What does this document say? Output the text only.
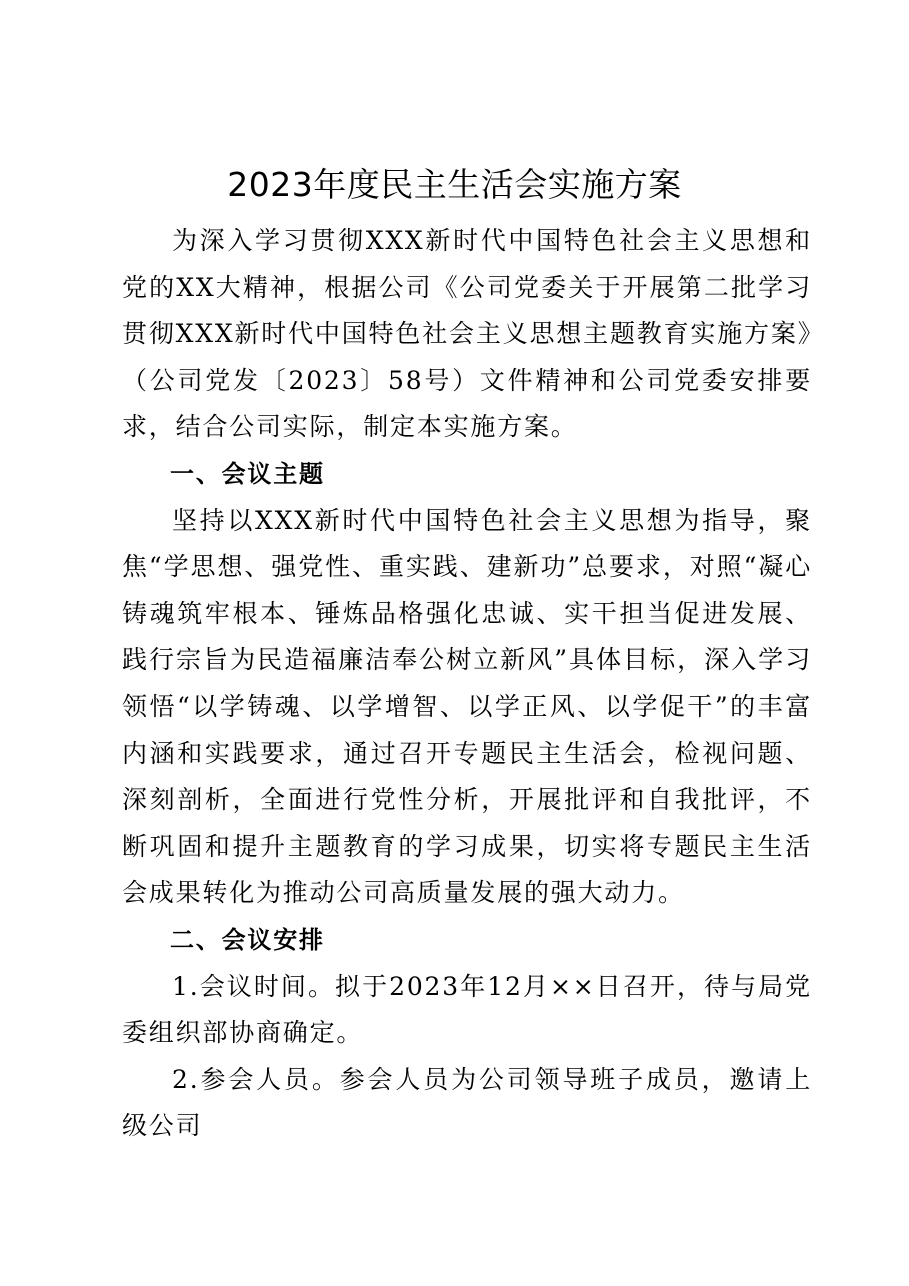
2023年度民主生活会实施方案

为深入学习贯彻XXX新时代中国特色社会主义思想和党的XX大精神，根据公司《公司党委关于开展第二批学习贯彻XXX新时代中国特色社会主义思想主题教育实施方案》（公司党发〔2023〕58号）文件精神和公司党委安排要求，结合公司实际，制定本实施方案。

一、会议主题

坚持以XXX新时代中国特色社会主义思想为指导，聚焦“学思想、强党性、重实践、建新功”总要求，对照“凝心铸魂筑牢根本、锤炼品格强化忠诚、实干担当促进发展、践行宗旨为民造福廉洁奉公树立新风”具体目标，深入学习领悟“以学铸魂、以学增智、以学正风、以学促干”的丰富内涵和实践要求，通过召开专题民主生活会，检视问题、深刻剖析，全面进行党性分析，开展批评和自我批评，不断巩固和提升主题教育的学习成果，切实将专题民主生活会成果转化为推动公司高质量发展的强大动力。

二、会议安排

1.会议时间。拟于2023年12月××日召开，待与局党委组织部协商确定。

2.参会人员。参会人员为公司领导班子成员，邀请上级公司
